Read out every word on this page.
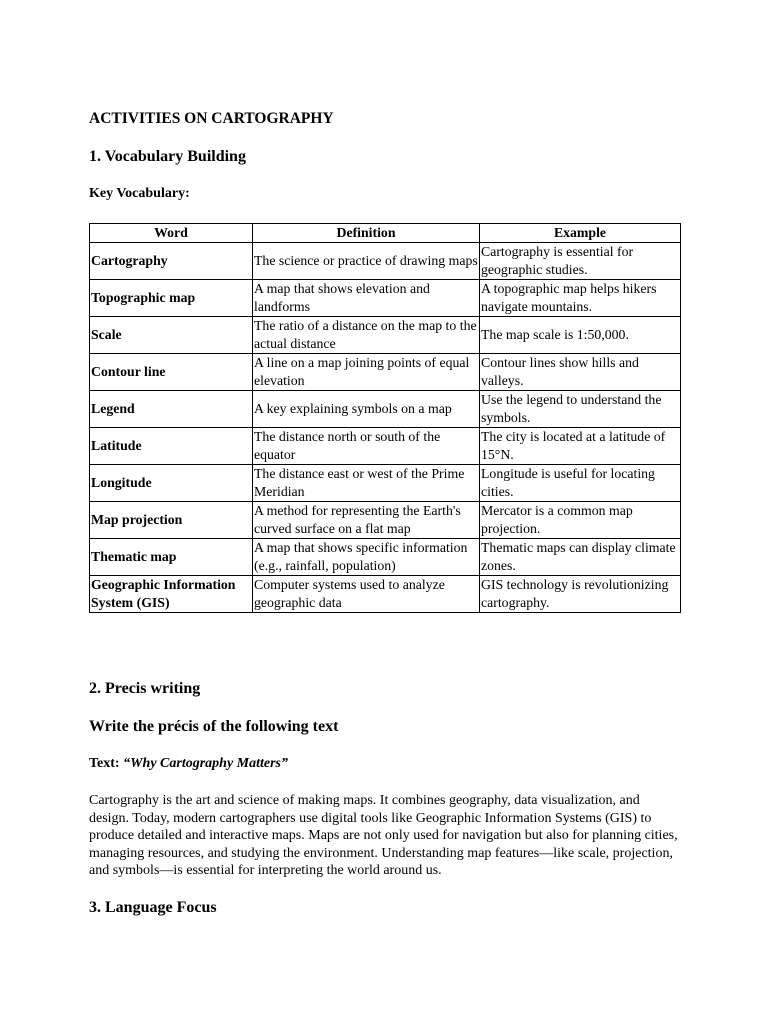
ACTIVITIES ON CARTOGRAPHY
1. Vocabulary Building
Key Vocabulary:
Word	Definition	Example
Cartography	The science or practice of drawing maps	Cartography is essential for geographic studies.
Topographic map	A map that shows elevation and landforms	A topographic map helps hikers navigate mountains.
Scale	The ratio of a distance on the map to the actual distance	The map scale is 1:50,000.
Contour line	A line on a map joining points of equal elevation	Contour lines show hills and valleys.
Legend	A key explaining symbols on a map	Use the legend to understand the symbols.
Latitude	The distance north or south of the equator	The city is located at a latitude of 15°N.
Longitude	The distance east or west of the Prime Meridian	Longitude is useful for locating cities.
Map projection	A method for representing the Earth's curved surface on a flat map	Mercator is a common map projection.
Thematic map	A map that shows specific information (e.g., rainfall, population)	Thematic maps can display climate zones.
Geographic Information System (GIS)	Computer systems used to analyze geographic data	GIS technology is revolutionizing cartography.
2. Precis writing
Write the précis of the following text
Text: “Why Cartography Matters”
Cartography is the art and science of making maps. It combines geography, data visualization, and design. Today, modern cartographers use digital tools like Geographic Information Systems (GIS) to produce detailed and interactive maps. Maps are not only used for navigation but also for planning cities, managing resources, and studying the environment. Understanding map features—like scale, projection, and symbols—is essential for interpreting the world around us.
3. Language Focus
